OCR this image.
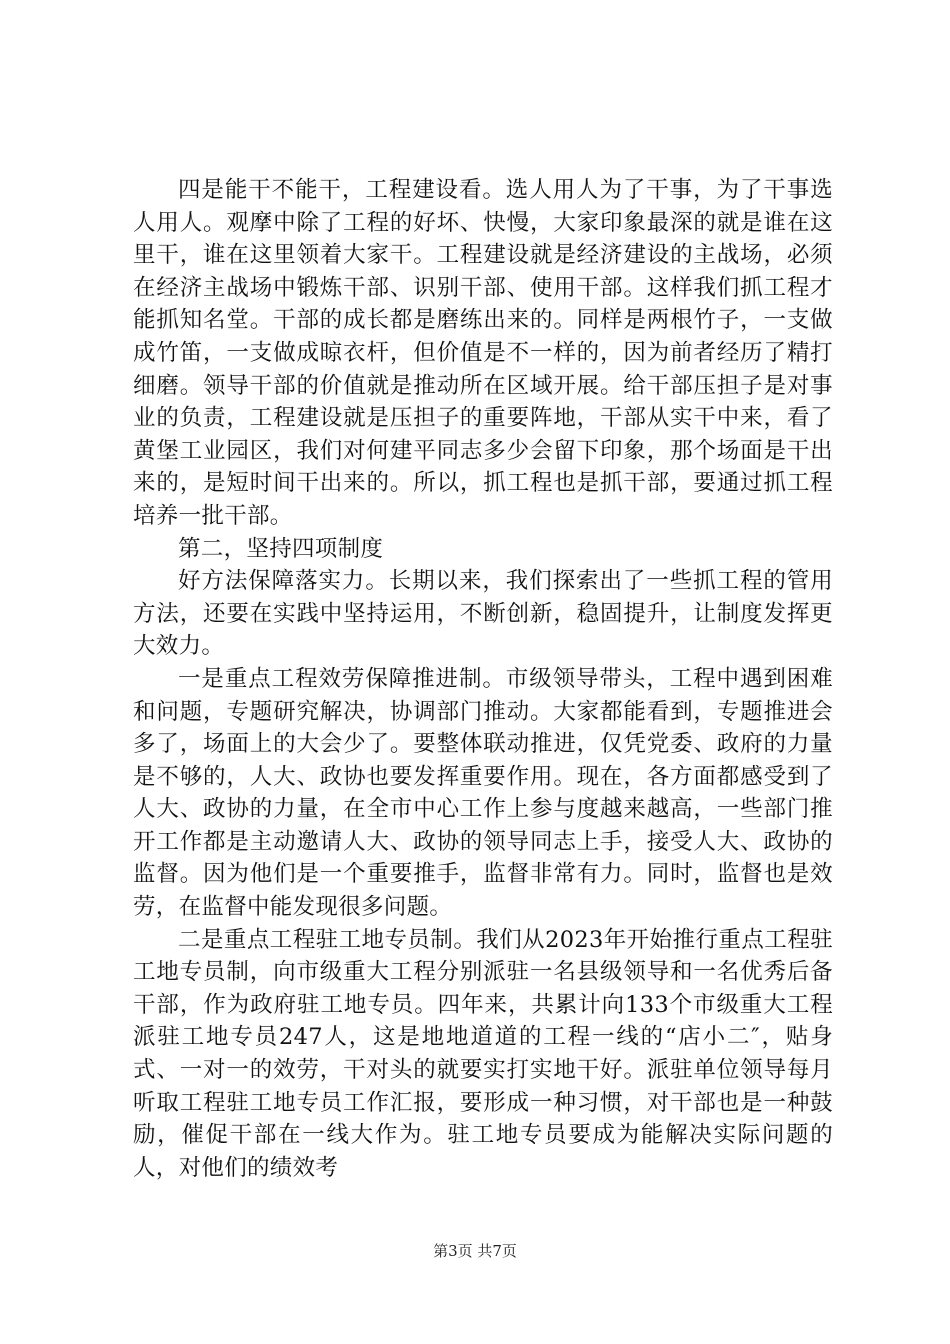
四是能干不能干，工程建设看。选人用人为了干事，为了干事选人用人。观摩中除了工程的好坏、快慢，大家印象最深的就是谁在这里干，谁在这里领着大家干。工程建设就是经济建设的主战场，必须在经济主战场中锻炼干部、识别干部、使用干部。这样我们抓工程才能抓知名堂。干部的成长都是磨练出来的。同样是两根竹子，一支做成竹笛，一支做成晾衣杆，但价值是不一样的，因为前者经历了精打细磨。领导干部的价值就是推动所在区域开展。给干部压担子是对事业的负责，工程建设就是压担子的重要阵地，干部从实干中来，看了黄堡工业园区，我们对何建平同志多少会留下印象，那个场面是干出来的，是短时间干出来的。所以，抓工程也是抓干部，要通过抓工程培养一批干部。

第二，坚持四项制度

好方法保障落实力。长期以来，我们探索出了一些抓工程的管用方法，还要在实践中坚持运用，不断创新，稳固提升，让制度发挥更大效力。

一是重点工程效劳保障推进制。市级领导带头，工程中遇到困难和问题，专题研究解决，协调部门推动。大家都能看到，专题推进会多了，场面上的大会少了。要整体联动推进，仅凭党委、政府的力量是不够的，人大、政协也要发挥重要作用。现在，各方面都感受到了人大、政协的力量，在全市中心工作上参与度越来越高，一些部门推开工作都是主动邀请人大、政协的领导同志上手，接受人大、政协的监督。因为他们是一个重要推手，监督非常有力。同时，监督也是效劳，在监督中能发现很多问题。

二是重点工程驻工地专员制。我们从2023年开始推行重点工程驻工地专员制，向市级重大工程分别派驻一名县级领导和一名优秀后备干部，作为政府驻工地专员。四年来，共累计向133个市级重大工程派驻工地专员247人，这是地地道道的工程一线的“店小二″，贴身式、一对一的效劳，干对头的就要实打实地干好。派驻单位领导每月听取工程驻工地专员工作汇报，要形成一种习惯，对干部也是一种鼓励，催促干部在一线大作为。驻工地专员要成为能解决实际问题的人，对他们的绩效考

第3页 共7页
